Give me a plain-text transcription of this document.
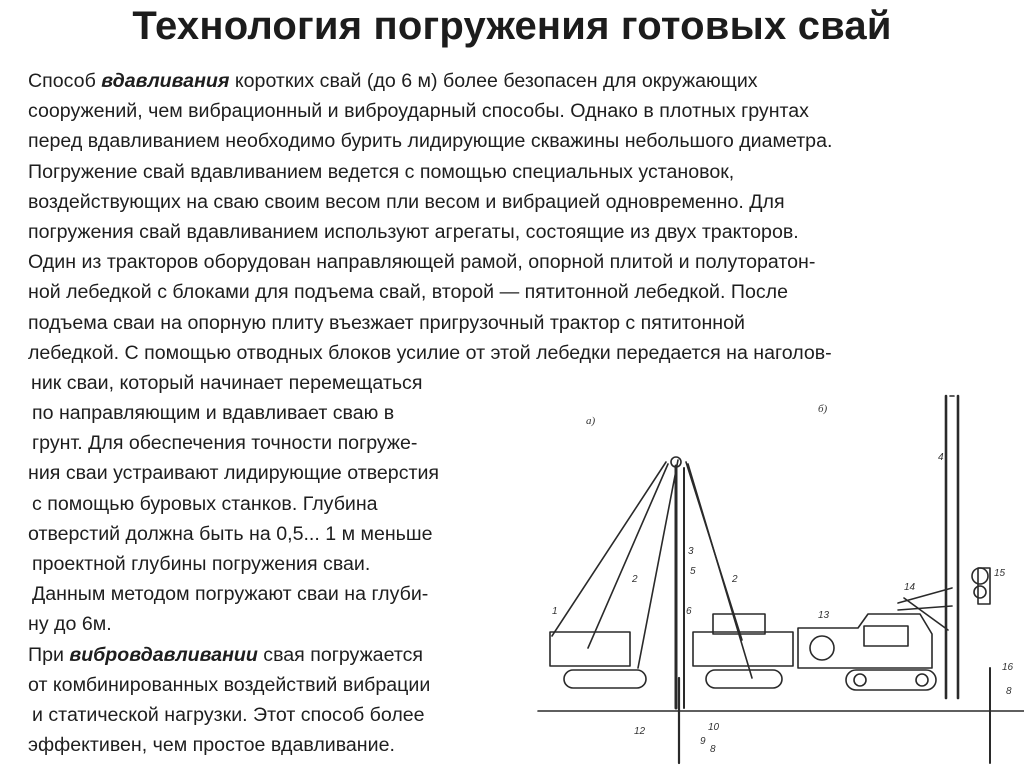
Технология погружения готовых свай
Способ вдавливания коротких свай (до 6 м) более безопасен для окружающих
сооружений, чем вибрационный и виброударный способы. Однако в плотных грунтах
перед вдавливанием необходимо бурить лидирующие скважины небольшого диаметра.
Погружение свай вдавливанием ведется с помощью специальных установок,
воздействующих на сваю своим весом пли весом и вибрацией одновременно. Для
погружения свай вдавливанием используют агрегаты, состоящие из двух тракторов.
Один из тракторов оборудован направляющей рамой, опорной плитой и полуторатон-
ной лебедкой с блоками для подъема свай, второй — пятитонной лебедкой. После
подъема сваи на опорную плиту въезжает пригрузочный трактор с пятитонной
лебедкой. С помощью отводных блоков усилие от этой лебедки передается на наголов-
ник сваи, который начинает перемещаться
по направляющим и вдавливает сваю в
грунт. Для обеспечения точности погруже-
ния сваи устраивают лидирующие отверстия
с помощью буровых станков. Глубина
отверстий должна быть на 0,5... 1 м меньше
проектной глубины погружения сваи.
Данным методом погружают сваи на глуби-
ну до 6м.
При вибровдавливании свая погружается
от комбинированных воздействий вибрации
и статической нагрузки. Этот способ более
эффективен, чем простое вдавливание.
а)
б)
2
3
5
6
2
1
12	10
9
8
4
13
14
15
16
8
